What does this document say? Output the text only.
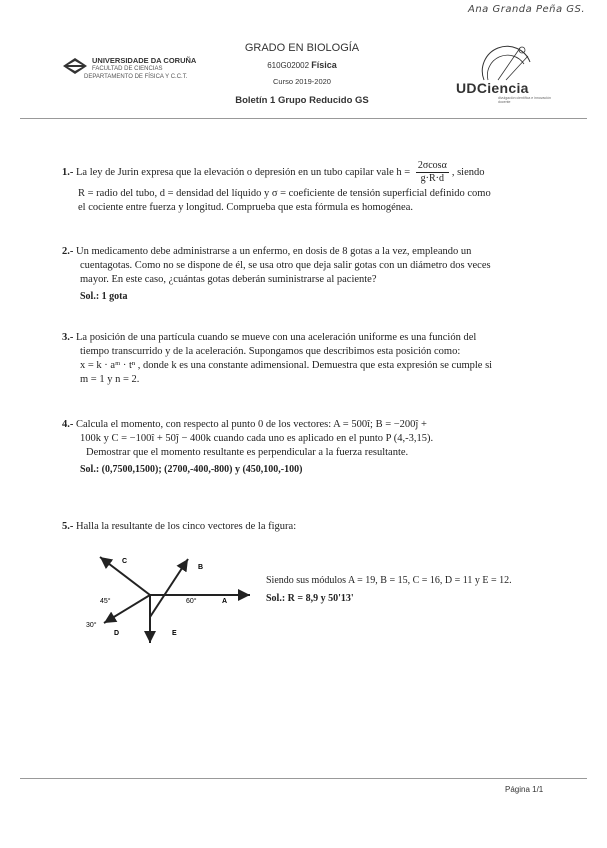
Ana Granda Peña GS.
UNIVERSIDADE DA CORUÑA
FACULTAD DE CIENCIAS
DEPARTAMENTO DE FÍSICA Y C.C.T.
GRADO EN BIOLOGÍA
610G02002 Física
Curso 2019-2020
Boletín 1 Grupo Reducido GS
UDCiencia
divulgación científica e innovación docente
1.- La ley de Jurin expresa que la elevación o depresión en un tubo capilar vale $h = \frac{2\sigma\cos\alpha}{g\cdot R\cdot d}$ , siendo
R = radio del tubo, d = densidad del líquido y σ = coeficiente de tensión superficial definido como
el cociente entre fuerza y longitud. Comprueba que esta fórmula es homogénea.
2.- Un medicamento debe administrarse a un enfermo, en dosis de 8 gotas a la vez, empleando un
cuentagotas. Como no se dispone de él, se usa otro que deja salir gotas con un diámetro dos veces
mayor. En este caso, ¿cuántas gotas deberán suministrarse al paciente?
Sol.: 1 gota
3.- La posición de una partícula cuando se mueve con una aceleración uniforme es una función del
tiempo transcurrido y de la aceleración. Supongamos que describimos esta posición como:
x = k · aᵐ · tⁿ , donde k es una constante adimensional. Demuestra que esta expresión se cumple si
m = 1 y n = 2.
4.- Calcula el momento, con respecto al punto 0 de los vectores: A = 500î; B = −200ĵ +
100k y C = −100î + 50ĵ − 400k cuando cada uno es aplicado en el punto P (4,-3,15).
Demostrar que el momento resultante es perpendicular a la fuerza resultante.
Sol.: (0,7500,1500); (2700,-400,-800) y (450,100,-100)
5.- Halla la resultante de los cinco vectores de la figura:
C
B
A
D	E
45°	60°
30°
Siendo sus módulos A = 19, B = 15, C = 16, D = 11 y E = 12.
Sol.: R = 8,9 y 50'13'
Página 1/1
